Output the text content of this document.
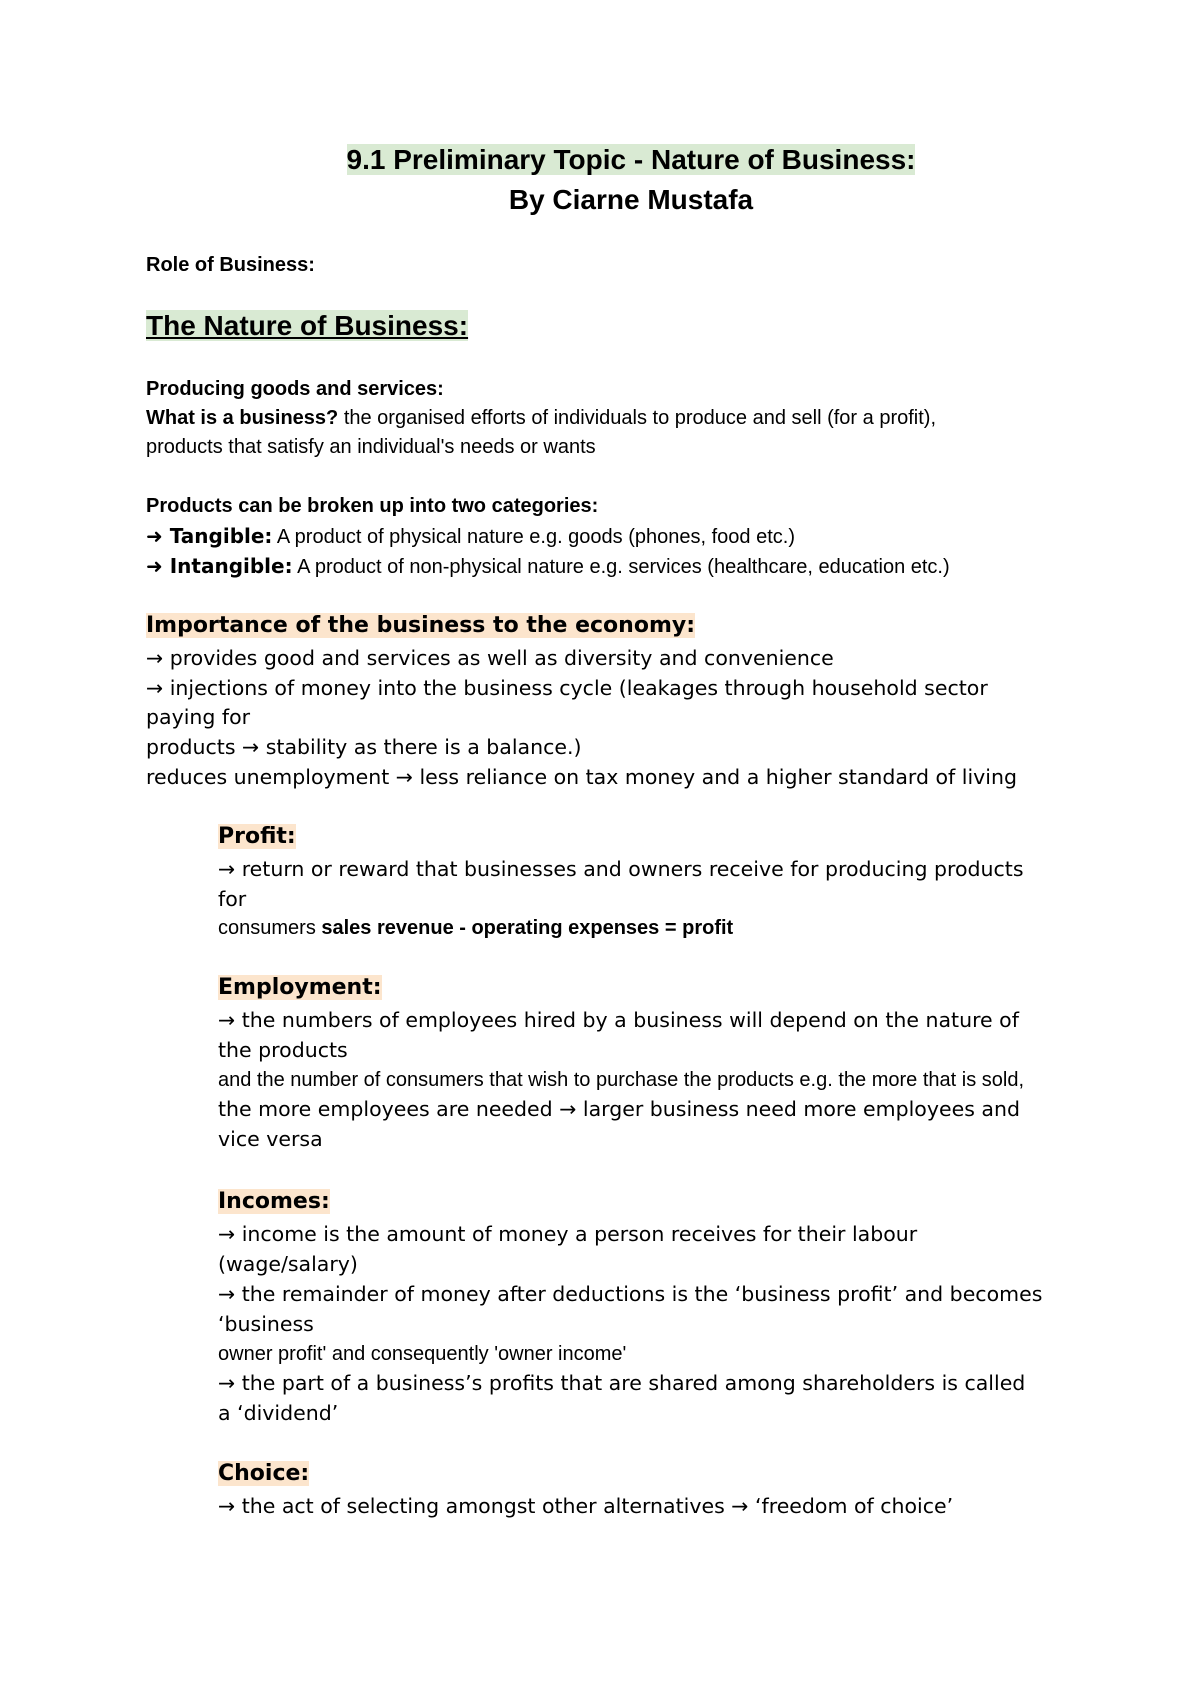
9.1 Preliminary Topic - Nature of Business:
By Ciarne Mustafa

Role of Business:

The Nature of Business:

Producing goods and services:

What is a business? the organised efforts of individuals to produce and sell (for a profit),

products that satisfy an individual's needs or wants

Products can be broken up into two categories:

➜ Tangible: A product of physical nature e.g. goods (phones, food etc.)

➜ Intangible: A product of non-physical nature e.g. services (healthcare, education etc.)

Importance of the business to the economy:

→ provides good and services as well as diversity and convenience

→ injections of money into the business cycle (leakages through household sector

paying for

products → stability as there is a balance.)

reduces unemployment → less reliance on tax money and a higher standard of living

Profit:

→ return or reward that businesses and owners receive for producing products

for

consumers sales revenue - operating expenses = profit

Employment:

→ the numbers of employees hired by a business will depend on the nature of

the products

and the number of consumers that wish to purchase the products e.g. the more that is sold,

the more employees are needed → larger business need more employees and

vice versa

Incomes:

→ income is the amount of money a person receives for their labour

(wage/salary)

→ the remainder of money after deductions is the ‘business profit’ and becomes

‘business

owner profit' and consequently 'owner income'

→ the part of a business’s profits that are shared among shareholders is called

a ‘dividend’

Choice:

→ the act of selecting amongst other alternatives → ‘freedom of choice’
